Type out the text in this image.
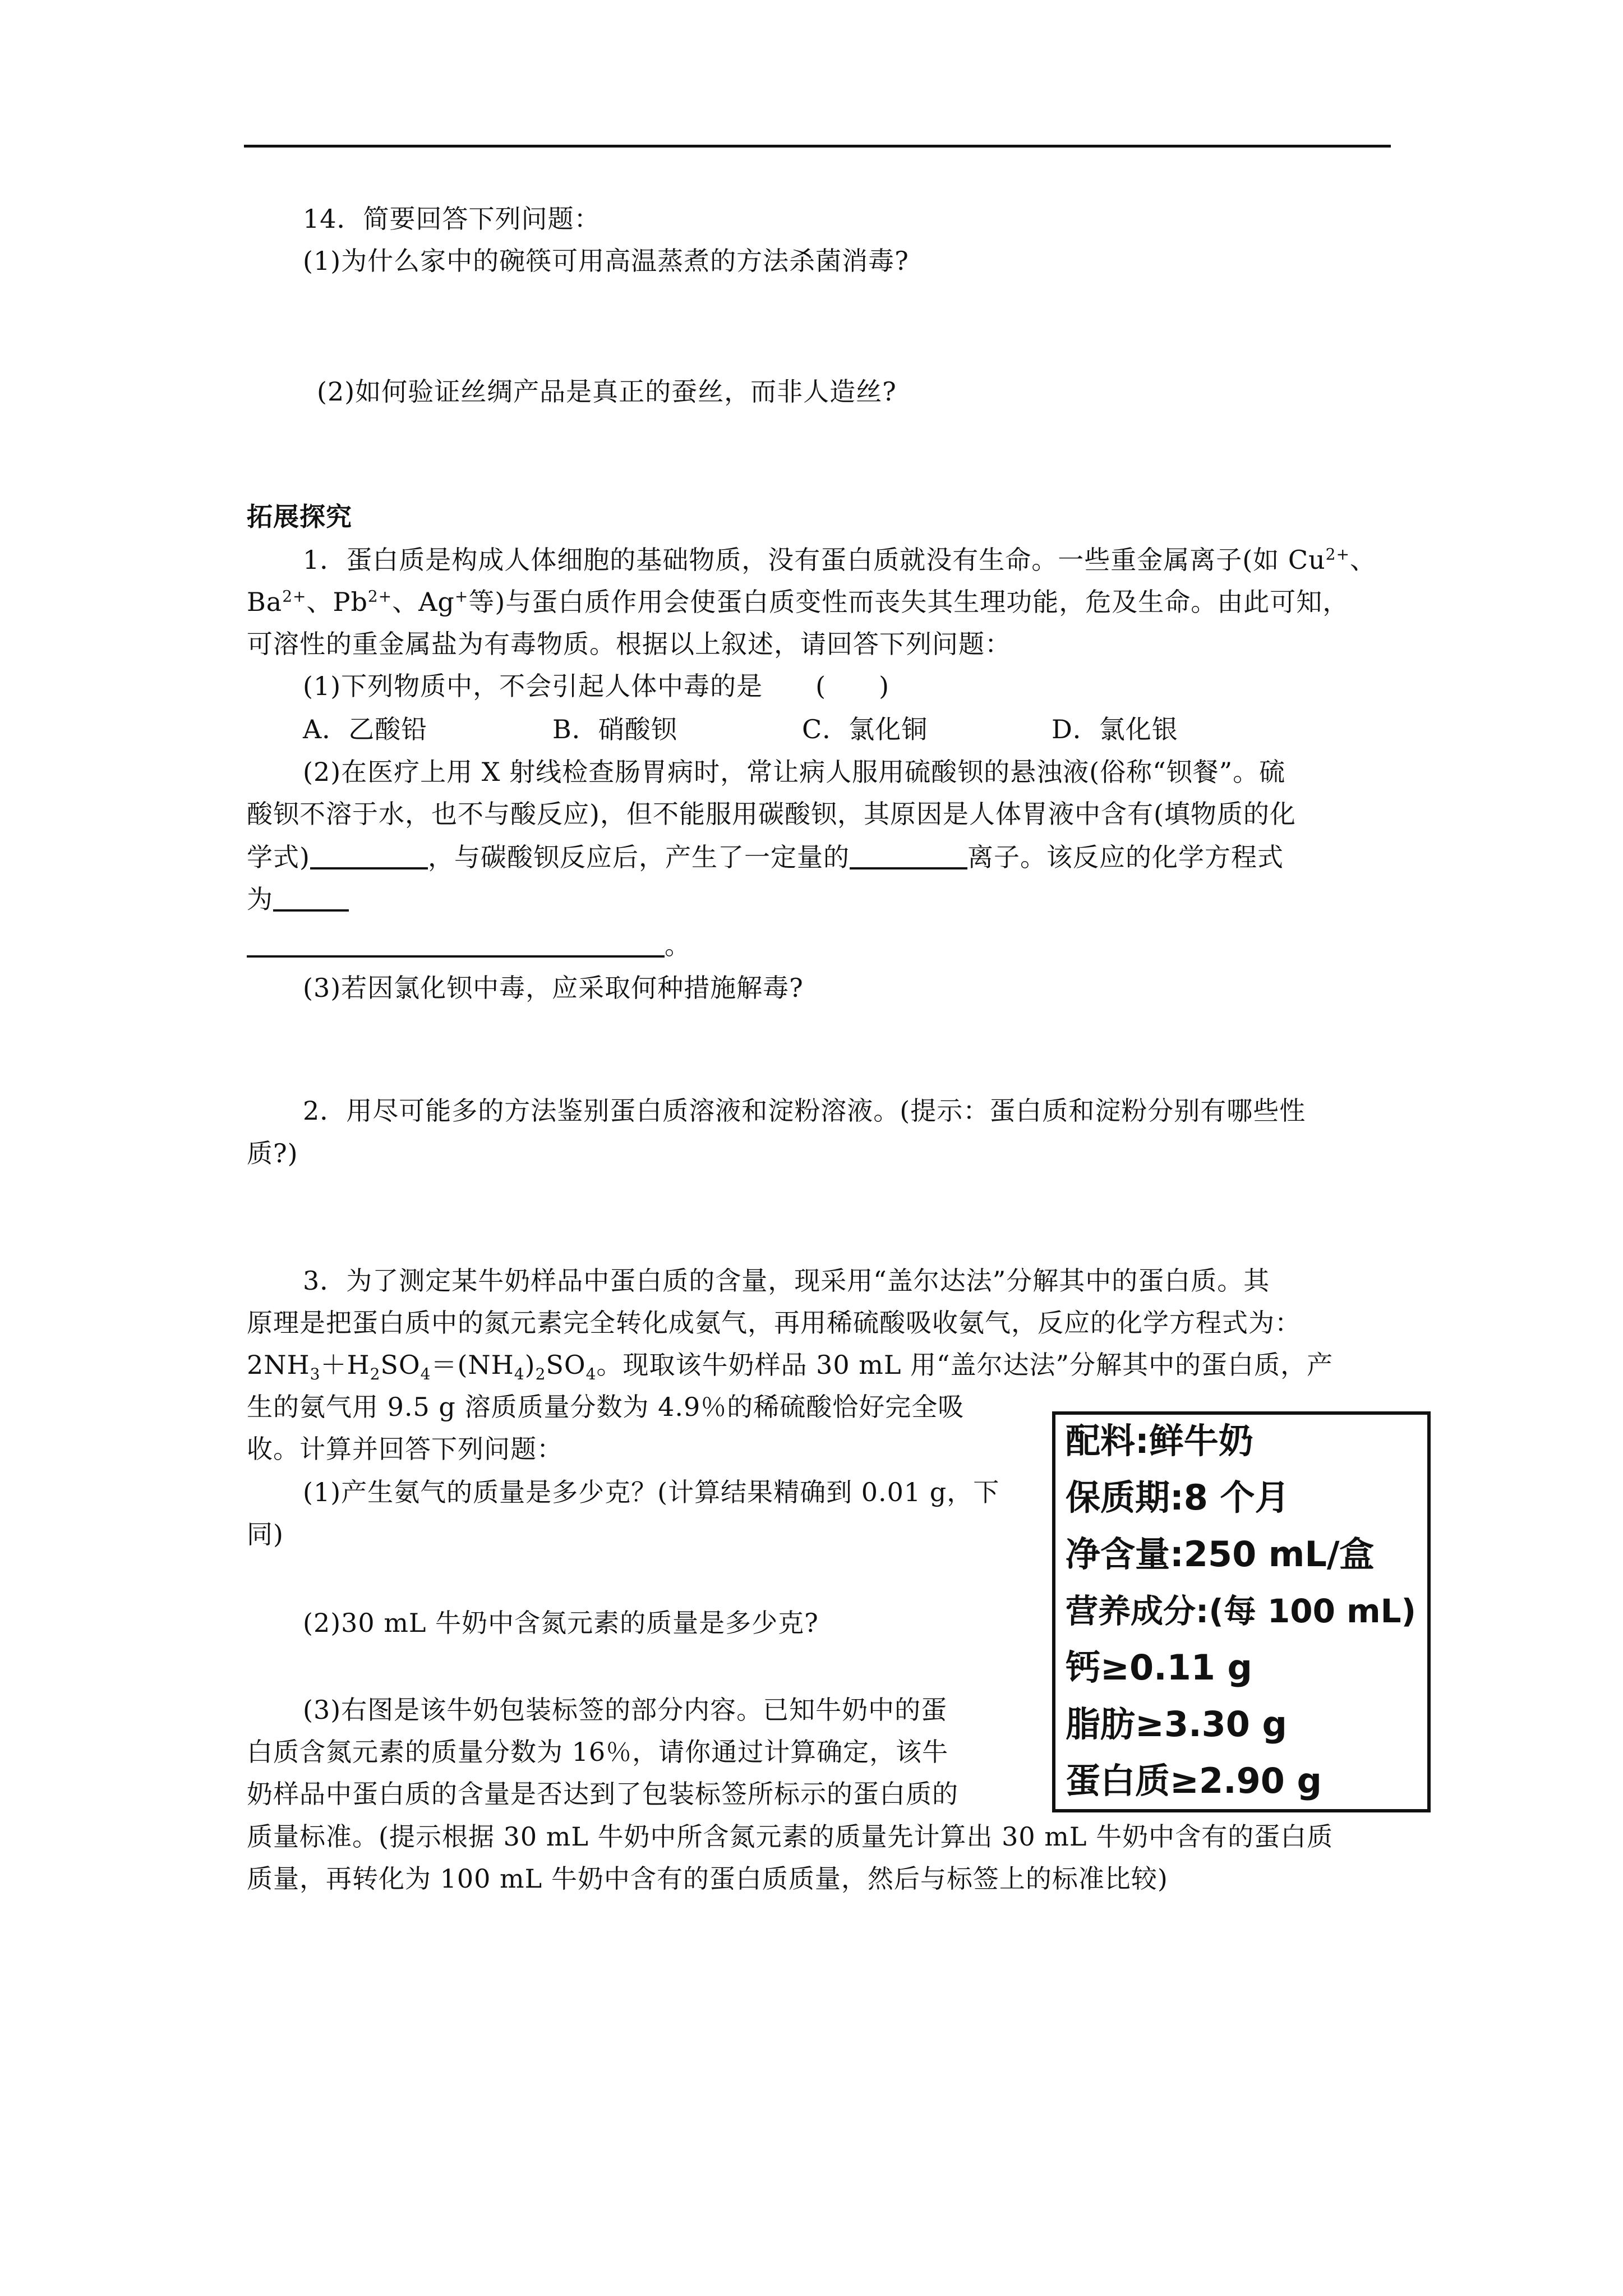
14．简要回答下列问题：

(1)为什么家中的碗筷可用高温蒸煮的方法杀菌消毒?

(2)如何验证丝绸产品是真正的蚕丝，而非人造丝?

拓展探究

1．蛋白质是构成人体细胞的基础物质，没有蛋白质就没有生命。一些重金属离子(如 $Cu^{2+}$、

$Ba^{2+}$、$Pb^{2+}$、Ag+等)与蛋白质作用会使蛋白质变性而丧失其生理功能，危及生命。由此可知，

可溶性的重金属盐为有毒物质。根据以上叙述，请回答下列问题：

(1)下列物质中，不会引起人体中毒的是　　(　　)

A．乙酸铅	B．硝酸钡	C．氯化铜	D．氯化银

(2)在医疗上用 X 射线检查肠胃病时，常让病人服用硫酸钡的悬浊液(俗称“钡餐”。硫

酸钡不溶于水，也不与酸反应)，但不能服用碳酸钡，其原因是人体胃液中含有(填物质的化

学式)	，与碳酸钡反应后，产生了一定量的	离子。该反应的化学方程式

为

。

(3)若因氯化钡中毒，应采取何种措施解毒?

2．用尽可能多的方法鉴别蛋白质溶液和淀粉溶液。(提示：蛋白质和淀粉分别有哪些性

质?)

3．为了测定某牛奶样品中蛋白质的含量，现采用“盖尔达法”分解其中的蛋白质。其

原理是把蛋白质中的氮元素完全转化成氨气，再用稀硫酸吸收氨气，反应的化学方程式为：

$2NH_3+H_2SO_4=(NH_4)_2SO_4$。现取该牛奶样品 30 mL 用“盖尔达法”分解其中的蛋白质，产

生的氨气用 9.5 g 溶质质量分数为 4.9％的稀硫酸恰好完全吸

收。计算并回答下列问题：

(1)产生氨气的质量是多少克？(计算结果精确到 0.01 g，下

同)

(2)30 mL 牛奶中含氮元素的质量是多少克?

(3)右图是该牛奶包装标签的部分内容。已知牛奶中的蛋

白质含氮元素的质量分数为 16％，请你通过计算确定，该牛

奶样品中蛋白质的含量是否达到了包装标签所标示的蛋白质的

质量标准。(提示根据 30 mL 牛奶中所含氮元素的质量先计算出 30 mL 牛奶中含有的蛋白质

质量，再转化为 100 mL 牛奶中含有的蛋白质质量，然后与标签上的标准比较)

配料:鲜牛奶
保质期:8 个月
净含量:250 mL/盒
营养成分:(每 100 mL)
钙≥0.11 g
脂肪≥3.30 g
蛋白质≥2.90 g
